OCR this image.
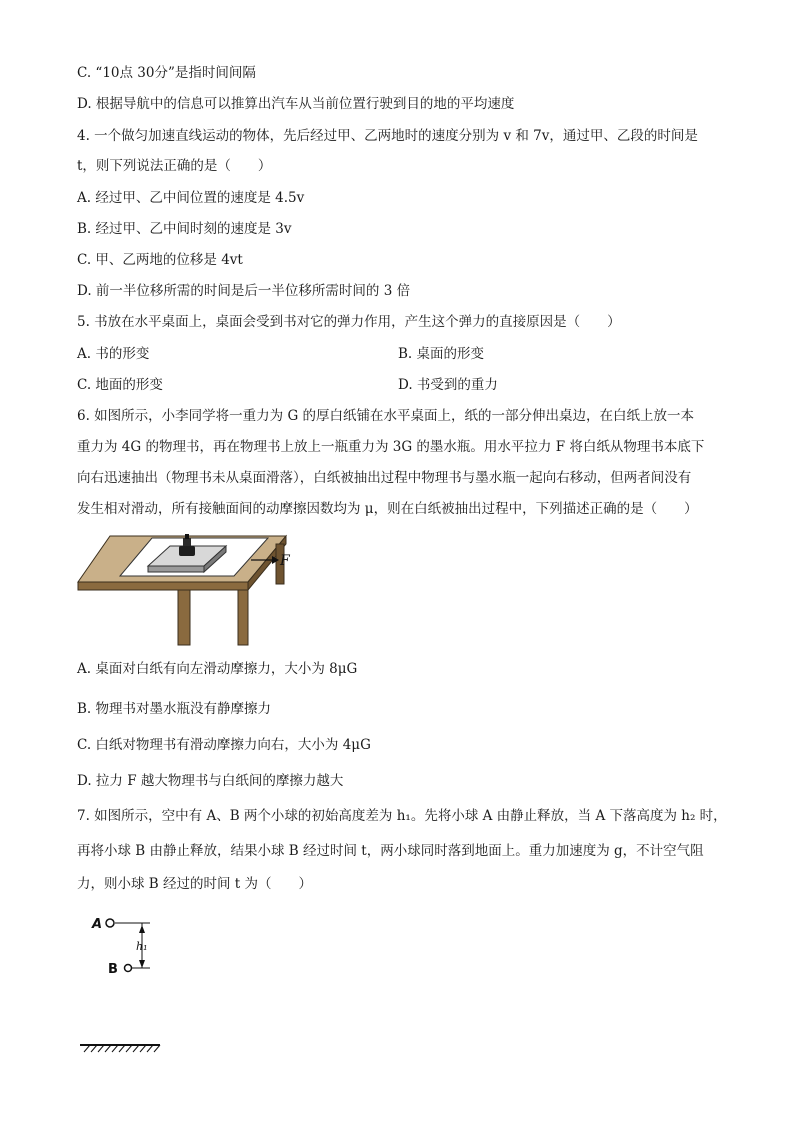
C. “10点 30分”是指时间间隔
D. 根据导航中的信息可以推算出汽车从当前位置行驶到目的地的平均速度
4. 一个做匀加速直线运动的物体，先后经过甲、乙两地时的速度分别为 v 和 7v，通过甲、乙段的时间是
t，则下列说法正确的是（　　）
A. 经过甲、乙中间位置的速度是 4.5v
B. 经过甲、乙中间时刻的速度是 3v
C. 甲、乙两地的位移是 4vt
D. 前一半位移所需的时间是后一半位移所需时间的 3 倍
5. 书放在水平桌面上，桌面会受到书对它的弹力作用，产生这个弹力的直接原因是（　　）
A. 书的形变	B. 桌面的形变
C. 地面的形变	D. 书受到的重力
6. 如图所示，小李同学将一重力为 G 的厚白纸铺在水平桌面上，纸的一部分伸出桌边，在白纸上放一本
重力为 4G 的物理书，再在物理书上放上一瓶重力为 3G 的墨水瓶。用水平拉力 F 将白纸从物理书本底下
向右迅速抽出（物理书未从桌面滑落），白纸被抽出过程中物理书与墨水瓶一起向右移动，但两者间没有
发生相对滑动，所有接触面间的动摩擦因数均为 μ，则在白纸被抽出过程中，下列描述正确的是（　　）
F
A. 桌面对白纸有向左滑动摩擦力，大小为 8μG
B. 物理书对墨水瓶没有静摩擦力
C. 白纸对物理书有滑动摩擦力向右，大小为 4μG
D. 拉力 F 越大物理书与白纸间的摩擦力越大
7. 如图所示，空中有 A、B 两个小球的初始高度差为 h₁。先将小球 A 由静止释放，当 A 下落高度为 h₂ 时，
再将小球 B 由静止释放，结果小球 B 经过时间 t，两小球同时落到地面上。重力加速度为 g，不计空气阻
力，则小球 B 经过的时间 t 为（　　）
A
h₁
B
